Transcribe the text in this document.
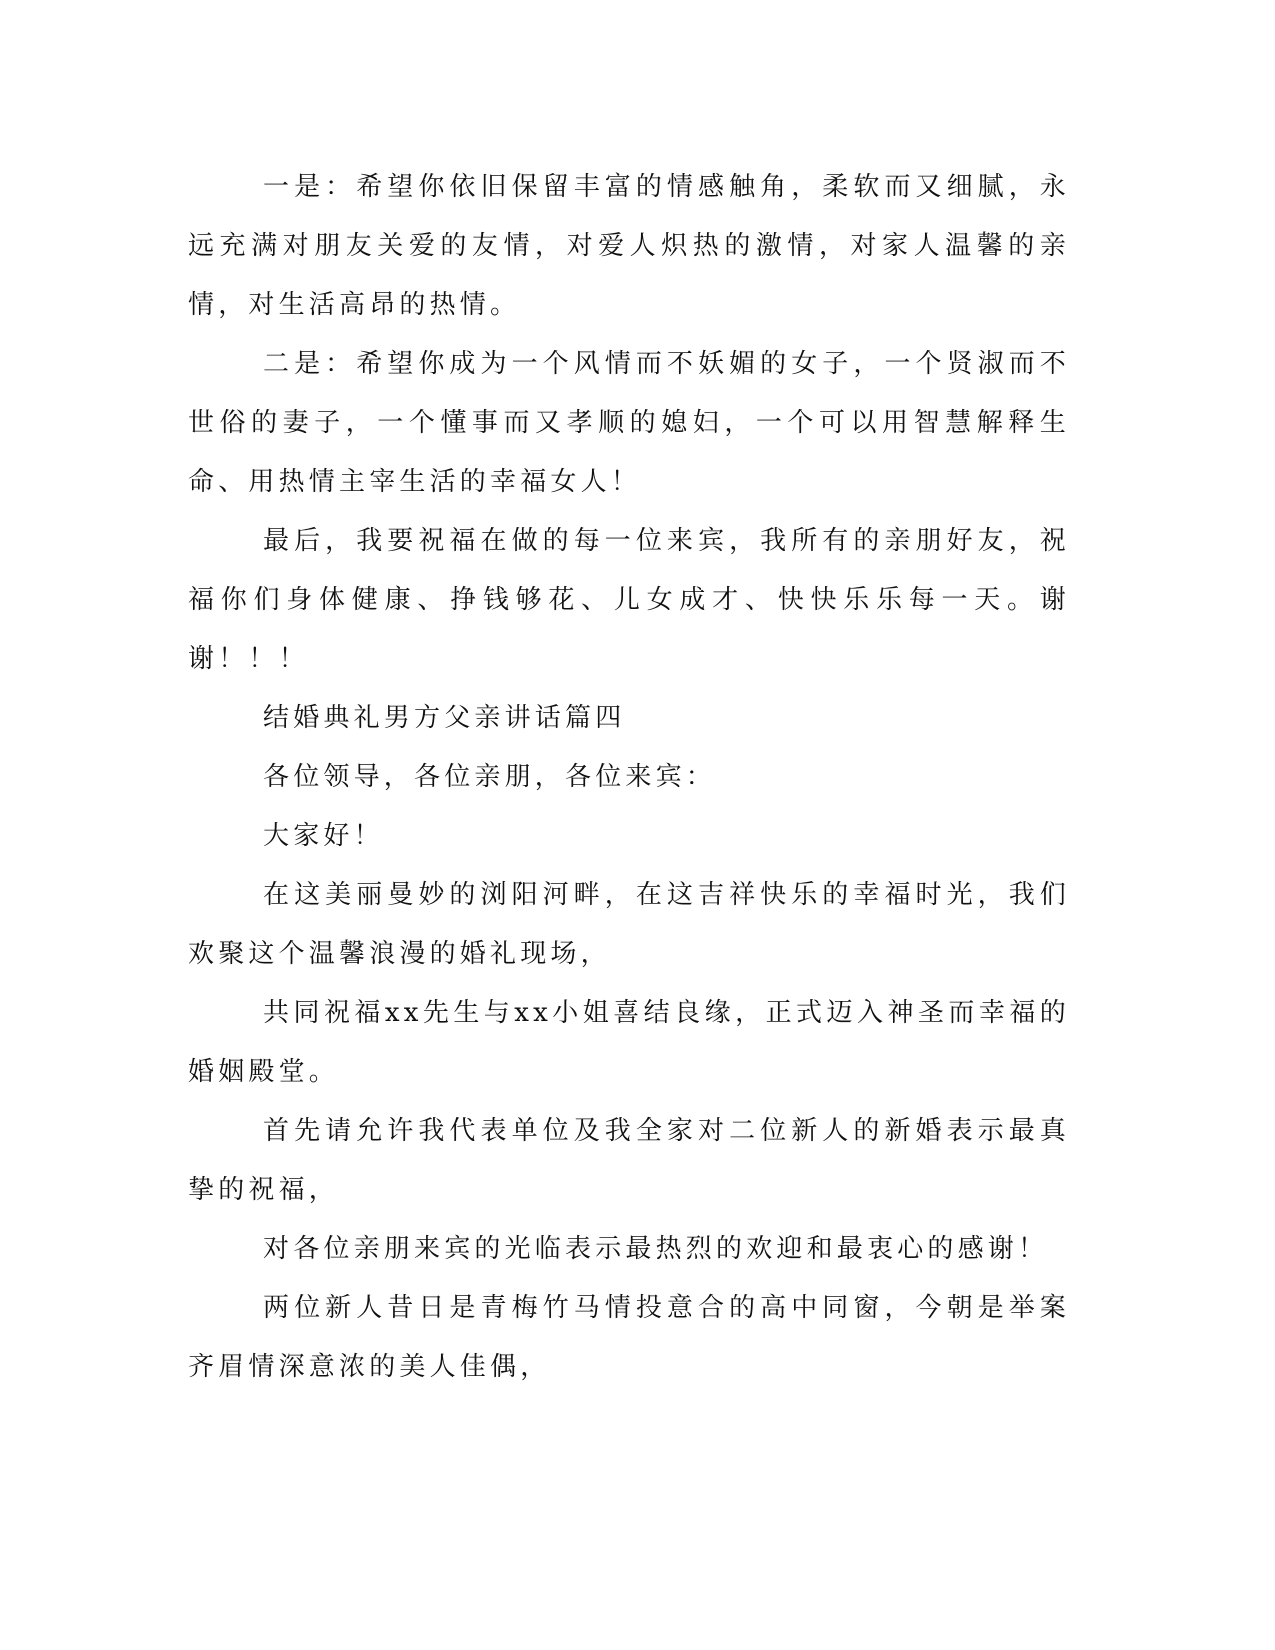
一是：希望你依旧保留丰富的情感触角，柔软而又细腻，永远充满对朋友关爱的友情，对爱人炽热的激情，对家人温馨的亲情，对生活高昂的热情。

二是：希望你成为一个风情而不妖媚的女子，一个贤淑而不世俗的妻子，一个懂事而又孝顺的媳妇，一个可以用智慧解释生命、用热情主宰生活的幸福女人！

最后，我要祝福在做的每一位来宾，我所有的亲朋好友，祝福你们身体健康、挣钱够花、儿女成才、快快乐乐每一天。谢谢！！！

结婚典礼男方父亲讲话篇四

各位领导，各位亲朋，各位来宾：

大家好！

在这美丽曼妙的浏阳河畔，在这吉祥快乐的幸福时光，我们欢聚这个温馨浪漫的婚礼现场，

共同祝福xx先生与xx小姐喜结良缘，正式迈入神圣而幸福的婚姻殿堂。

首先请允许我代表单位及我全家对二位新人的新婚表示最真挚的祝福，

对各位亲朋来宾的光临表示最热烈的欢迎和最衷心的感谢！

两位新人昔日是青梅竹马情投意合的高中同窗，今朝是举案齐眉情深意浓的美人佳偶，
